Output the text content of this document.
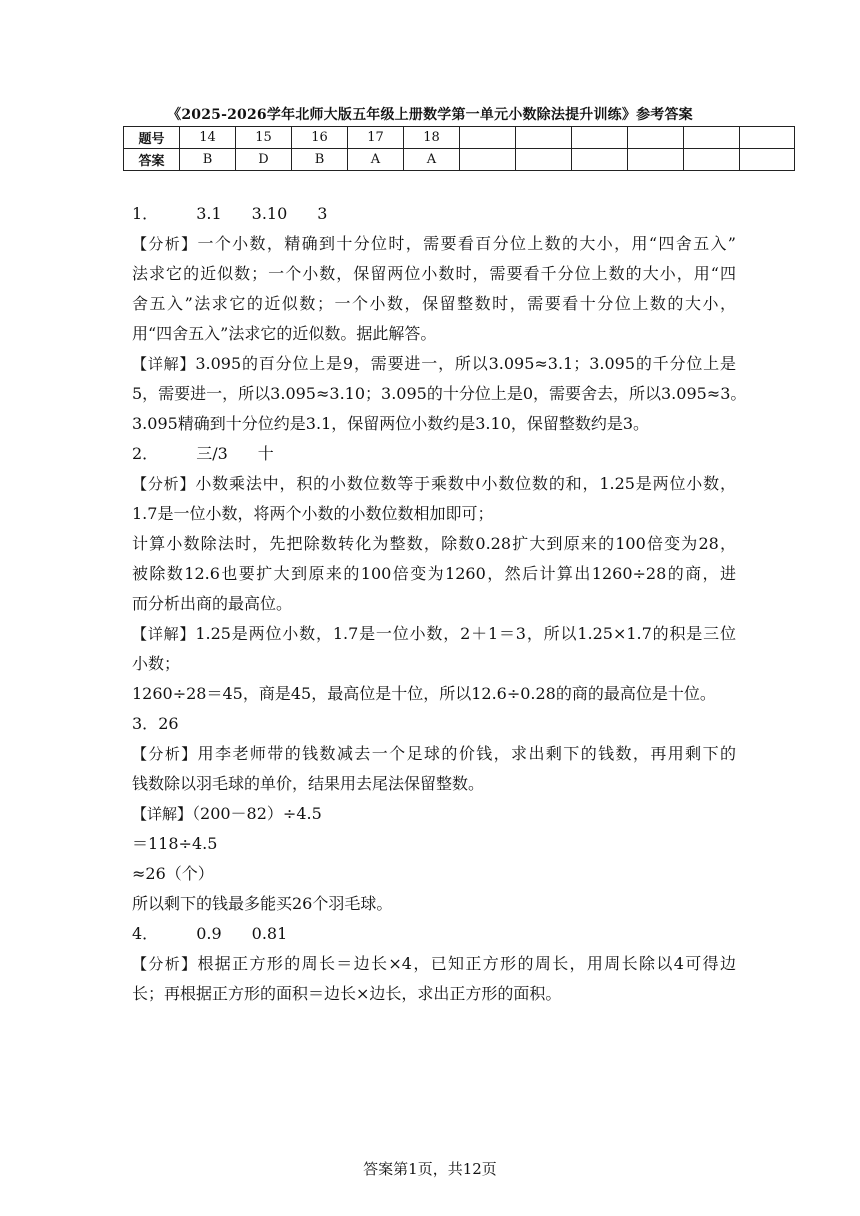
《2025-2026学年北师大版五年级上册数学第一单元小数除法提升训练》参考答案
题号	14	15	16	17	18						
答案	B	D	B	A	A						
1． 3.1 3.10 3
【分析】一个小数，精确到十分位时，需要看百分位上数的大小，用“四舍五入”
法求它的近似数；一个小数，保留两位小数时，需要看千分位上数的大小，用“四
舍五入”法求它的近似数；一个小数，保留整数时，需要看十分位上数的大小，
用“四舍五入”法求它的近似数。据此解答。
【详解】3.095的百分位上是9，需要进一，所以3.095≈3.1；3.095的千分位上是
5，需要进一，所以3.095≈3.10；3.095的十分位上是0，需要舍去，所以3.095≈3。
3.095精确到十分位约是3.1，保留两位小数约是3.10，保留整数约是3。
2． 三/3 十
【分析】小数乘法中，积的小数位数等于乘数中小数位数的和，1.25是两位小数，
1.7是一位小数，将两个小数的小数位数相加即可；
计算小数除法时，先把除数转化为整数，除数0.28扩大到原来的100倍变为28，
被除数12.6也要扩大到原来的100倍变为1260，然后计算出1260÷28的商，进
而分析出商的最高位。
【详解】1.25是两位小数，1.7是一位小数，2＋1＝3，所以1.25×1.7的积是三位
小数；
1260÷28＝45，商是45，最高位是十位，所以12.6÷0.28的商的最高位是十位。
3．26
【分析】用李老师带的钱数减去一个足球的价钱，求出剩下的钱数，再用剩下的
钱数除以羽毛球的单价，结果用去尾法保留整数。
【详解】（200－82）÷4.5
＝118÷4.5
≈26（个）
所以剩下的钱最多能买26个羽毛球。
4． 0.9 0.81
【分析】根据正方形的周长＝边长×4，已知正方形的周长，用周长除以4可得边
长；再根据正方形的面积＝边长×边长，求出正方形的面积。
答案第1页，共12页
